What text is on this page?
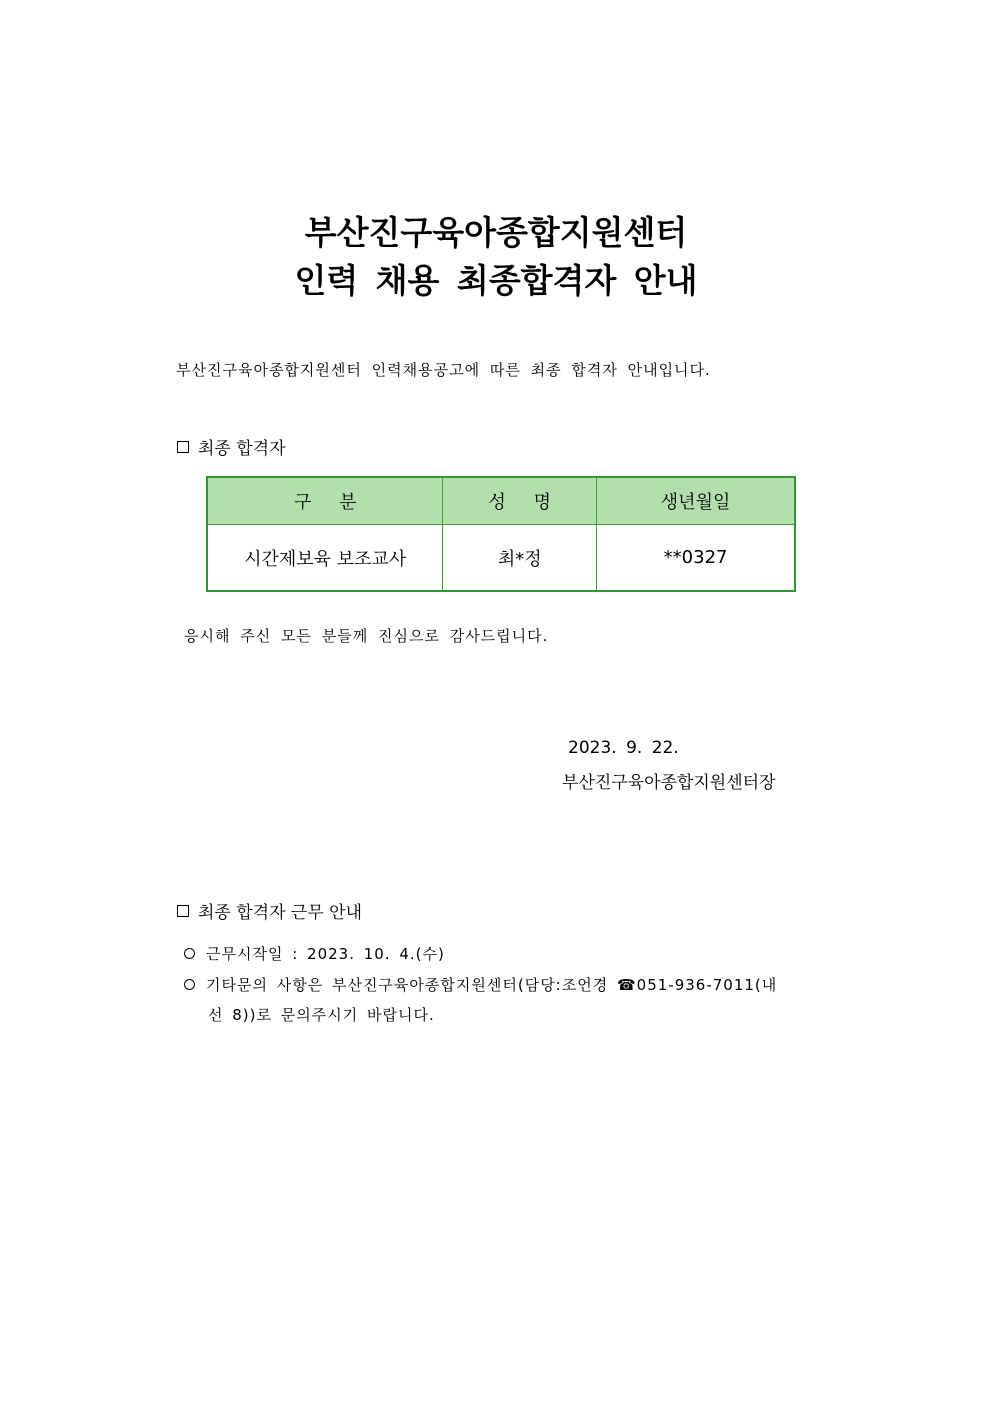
부산진구육아종합지원센터
인력 채용 최종합격자 안내
부산진구육아종합지원센터 인력채용공고에 따른 최종 합격자 안내입니다.
최종 합격자
구 분	성 명	생년월일
시간제보육 보조교사	최*정	**0327
응시해 주신 모든 분들께 진심으로 감사드립니다.
2023. 9. 22.
부산진구육아종합지원센터장
최종 합격자 근무 안내
근무시작일 : 2023. 10. 4.(수)
기타문의 사항은 부산진구육아종합지원센터(담당:조언경 ☎051-936-7011(내
선 8))로 문의주시기 바랍니다.
